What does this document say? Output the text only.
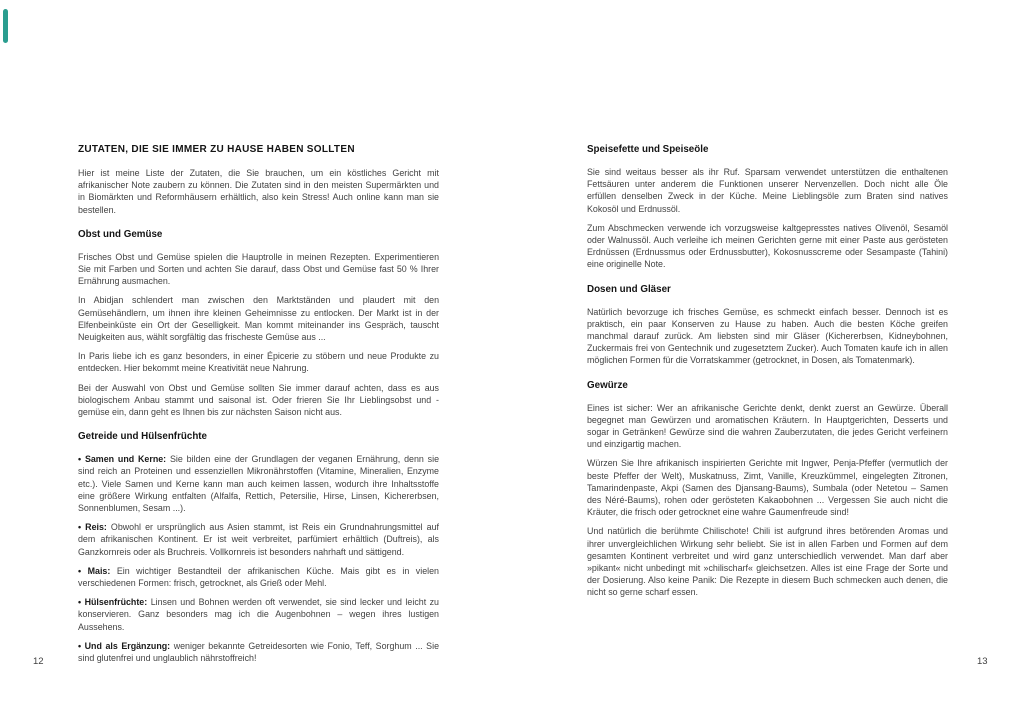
ZUTATEN, DIE SIE IMMER ZU HAUSE HABEN SOLLTEN

Hier ist meine Liste der Zutaten, die Sie brauchen, um ein köstliches Gericht mit afrikanischer Note zaubern zu können. Die Zutaten sind in den meisten Supermärkten und in Biomärkten und Reformhäusern erhältlich, also kein Stress! Auch online kann man sie bestellen.

Obst und Gemüse

Frisches Obst und Gemüse spielen die Hauptrolle in meinen Rezepten. Experimentieren Sie mit Farben und Sorten und achten Sie darauf, dass Obst und Gemüse fast 50 % Ihrer Ernährung ausmachen.

In Abidjan schlendert man zwischen den Marktständen und plaudert mit den Gemüsehändlern, um ihnen ihre kleinen Geheimnisse zu entlocken. Der Markt ist in der Elfenbeinküste ein Ort der Geselligkeit. Man kommt miteinander ins Gespräch, tauscht Neuigkeiten aus, wählt sorgfältig das frischeste Gemüse aus ...

In Paris liebe ich es ganz besonders, in einer Épicerie zu stöbern und neue Produkte zu entdecken. Hier bekommt meine Kreativität neue Nahrung.

Bei der Auswahl von Obst und Gemüse sollten Sie immer darauf achten, dass es aus biologischem Anbau stammt und saisonal ist. Oder frieren Sie Ihr Lieblingsobst und -gemüse ein, dann geht es Ihnen bis zur nächsten Saison nicht aus.

Getreide und Hülsenfrüchte

• Samen und Kerne: Sie bilden eine der Grundlagen der veganen Ernährung, denn sie sind reich an Proteinen und essenziellen Mikronährstoffen (Vitamine, Mineralien, Enzyme etc.). Viele Samen und Kerne kann man auch keimen lassen, wodurch ihre Inhaltsstoffe eine größere Wirkung entfalten (Alfalfa, Rettich, Petersilie, Hirse, Linsen, Kichererbsen, Sonnenblumen, Sesam ...).

• Reis: Obwohl er ursprünglich aus Asien stammt, ist Reis ein Grundnahrungsmittel auf dem afrikanischen Kontinent. Er ist weit verbreitet, parfümiert erhältlich (Duftreis), als Ganzkornreis oder als Bruchreis. Vollkornreis ist besonders nahrhaft und sättigend.

• Mais: Ein wichtiger Bestandteil der afrikanischen Küche. Mais gibt es in vielen verschiedenen Formen: frisch, getrocknet, als Grieß oder Mehl.

• Hülsenfrüchte: Linsen und Bohnen werden oft verwendet, sie sind lecker und leicht zu konservieren. Ganz besonders mag ich die Augenbohnen – wegen ihres lustigen Aussehens.

• Und als Ergänzung: weniger bekannte Getreidesorten wie Fonio, Teff, Sorghum ... Sie sind glutenfrei und unglaublich nährstoffreich!

Speisefette und Speiseöle

Sie sind weitaus besser als ihr Ruf. Sparsam verwendet unterstützen die enthaltenen Fettsäuren unter anderem die Funktionen unserer Nervenzellen. Doch nicht alle Öle erfüllen denselben Zweck in der Küche. Meine Lieblingsöle zum Braten sind natives Kokosöl und Erdnussöl.

Zum Abschmecken verwende ich vorzugsweise kaltgepresstes natives Olivenöl, Sesamöl oder Walnussöl. Auch verleihe ich meinen Gerichten gerne mit einer Paste aus gerösteten Erdnüssen (Erdnussmus oder Erdnussbutter), Kokosnusscreme oder Sesampaste (Tahini) eine originelle Note.

Dosen und Gläser

Natürlich bevorzuge ich frisches Gemüse, es schmeckt einfach besser. Dennoch ist es praktisch, ein paar Konserven zu Hause zu haben. Auch die besten Köche greifen manchmal darauf zurück. Am liebsten sind mir Gläser (Kichererbsen, Kidneybohnen, Zuckermais frei von Gentechnik und zugesetztem Zucker). Auch Tomaten kaufe ich in allen möglichen Formen für die Vorratskammer (getrocknet, in Dosen, als Tomatenmark).

Gewürze

Eines ist sicher: Wer an afrikanische Gerichte denkt, denkt zuerst an Gewürze. Überall begegnet man Gewürzen und aromatischen Kräutern. In Hauptgerichten, Desserts und sogar in Getränken! Gewürze sind die wahren Zauberzutaten, die jedes Gericht verfeinern und einzigartig machen.

Würzen Sie Ihre afrikanisch inspirierten Gerichte mit Ingwer, Penja-Pfeffer (vermutlich der beste Pfeffer der Welt), Muskatnuss, Zimt, Vanille, Kreuzkümmel, eingelegten Zitronen, Tamarindenpaste, Akpi (Samen des Djansang-Baums), Sumbala (oder Netetou – Samen des Néré-Baums), rohen oder gerösteten Kakaobohnen ... Vergessen Sie auch nicht die Kräuter, die frisch oder getrocknet eine wahre Gaumenfreude sind!

Und natürlich die berühmte Chilischote! Chili ist aufgrund ihres betörenden Aromas und ihrer unvergleichlichen Wirkung sehr beliebt. Sie ist in allen Farben und Formen auf dem gesamten Kontinent verbreitet und wird ganz unterschiedlich verwendet. Man darf aber »pikant« nicht unbedingt mit »chilischarf« gleichsetzen. Alles ist eine Frage der Sorte und der Dosierung. Also keine Panik: Die Rezepte in diesem Buch schmecken auch denen, die nicht so gerne scharf essen.

12	13
